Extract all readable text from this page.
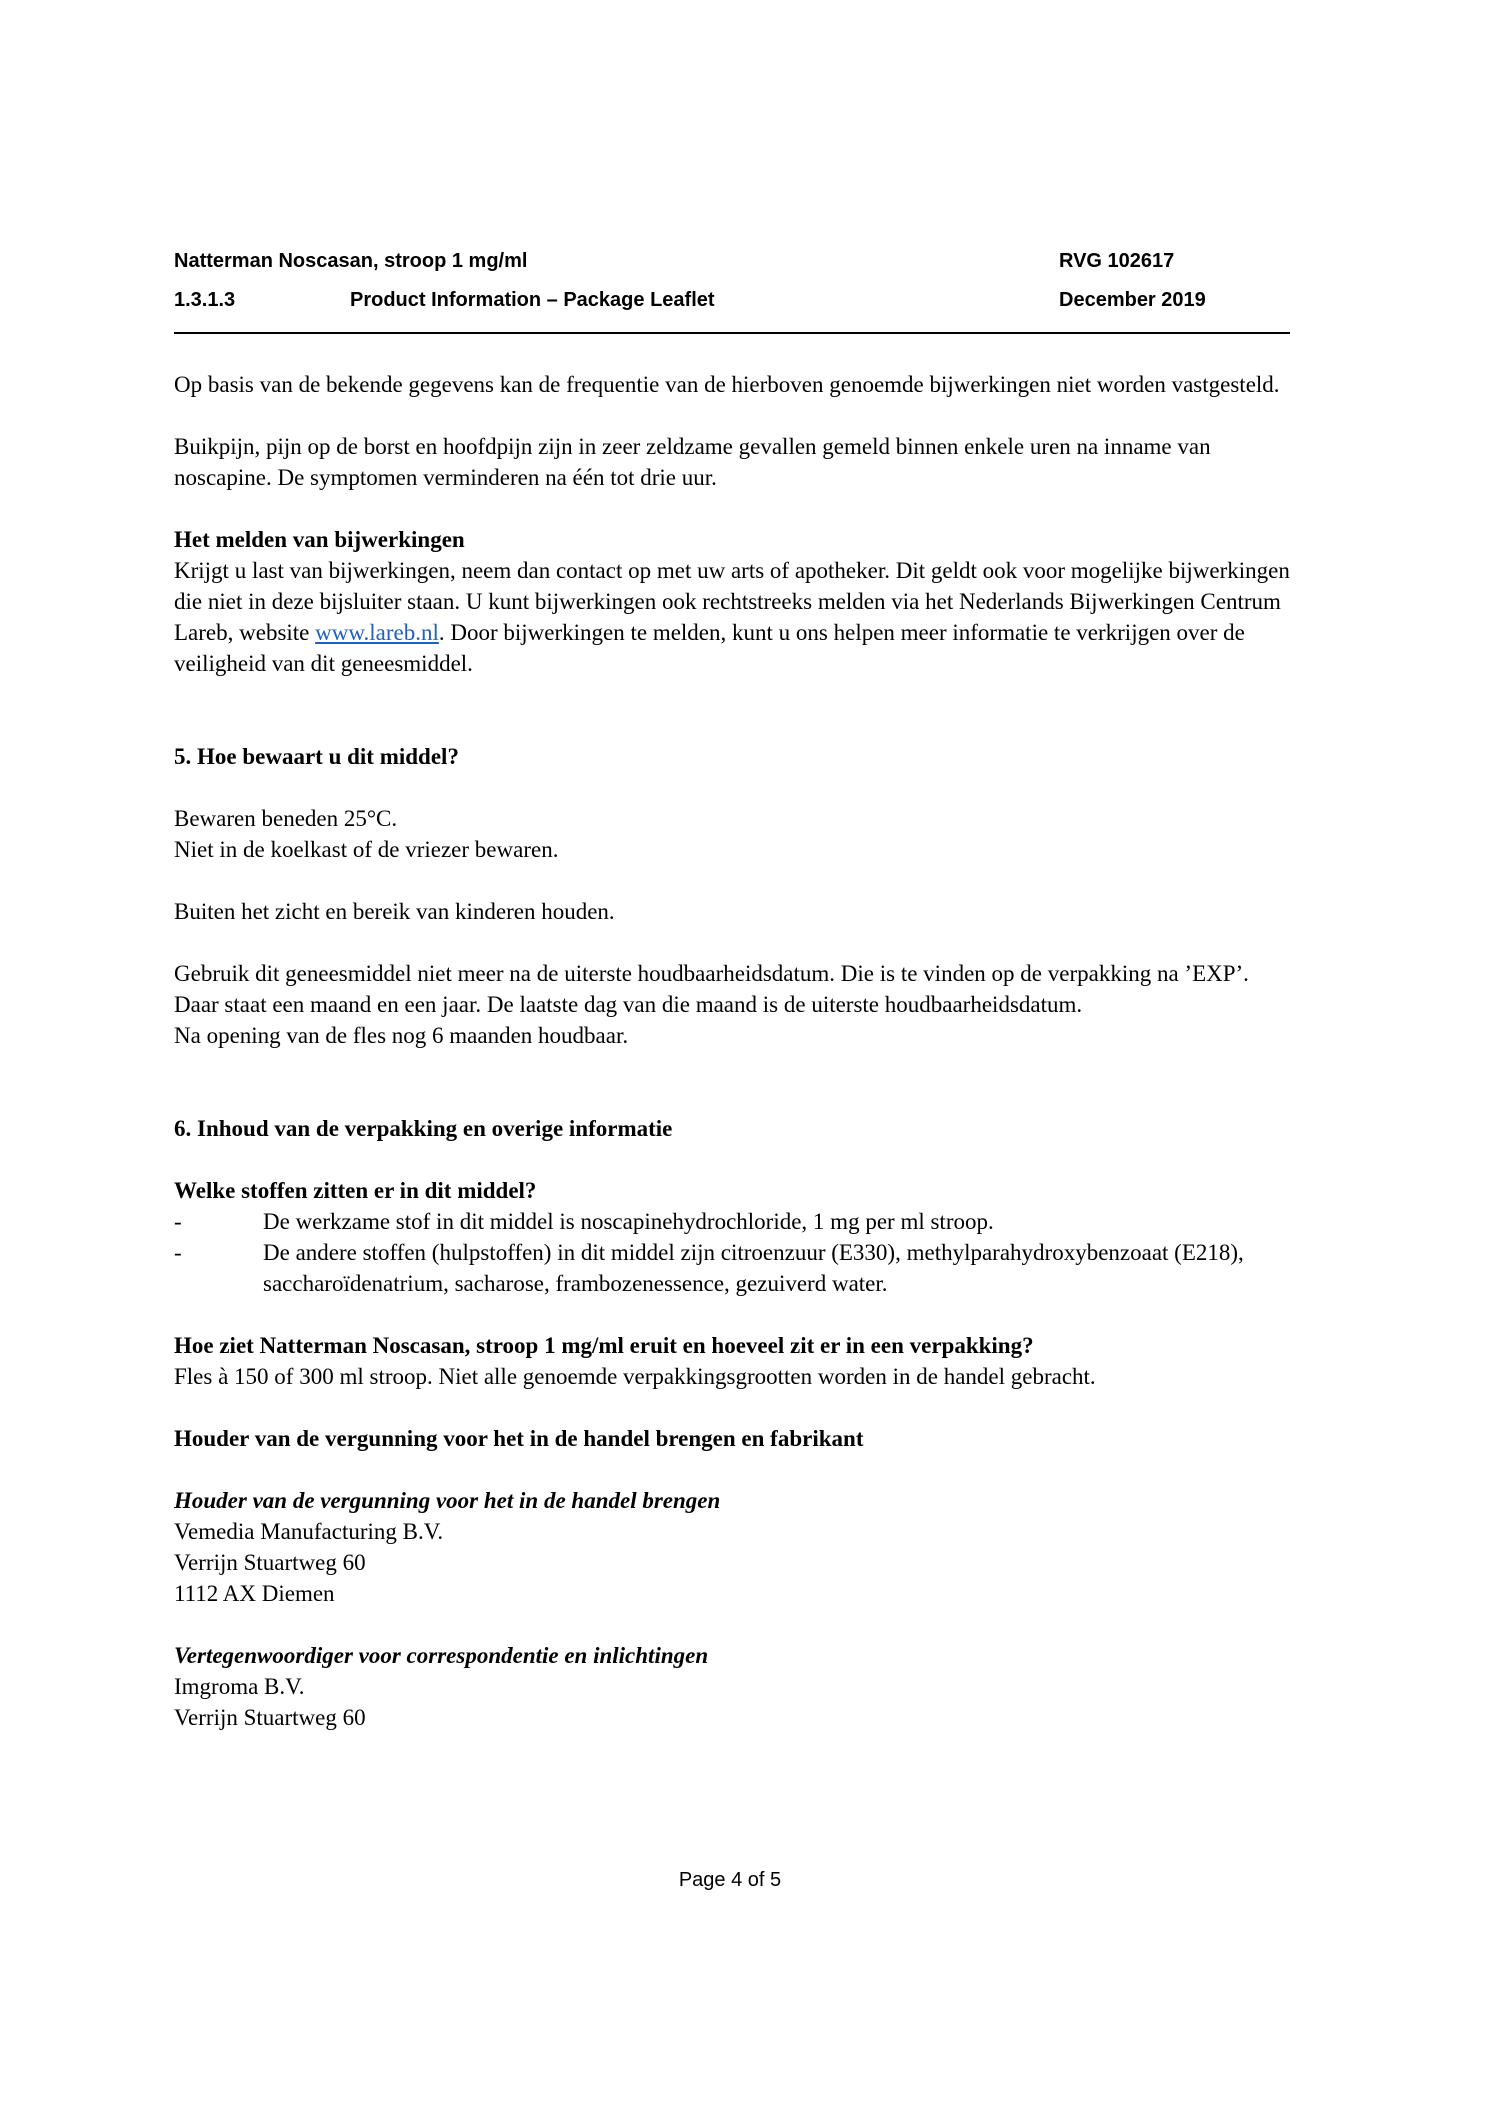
Natterman Noscasan, stroop 1 mg/ml	RVG 102617
1.3.1.3	Product Information – Package Leaflet	December 2019

Op basis van de bekende gegevens kan de frequentie van de hierboven genoemde bijwerkingen niet worden vastgesteld.

Buikpijn, pijn op de borst en hoofdpijn zijn in zeer zeldzame gevallen gemeld binnen enkele uren na inname van noscapine. De symptomen verminderen na één tot drie uur.

Het melden van bijwerkingen

Krijgt u last van bijwerkingen, neem dan contact op met uw arts of apotheker. Dit geldt ook voor mogelijke bijwerkingen die niet in deze bijsluiter staan. U kunt bijwerkingen ook rechtstreeks melden via het Nederlands Bijwerkingen Centrum Lareb, website www.lareb.nl. Door bijwerkingen te melden, kunt u ons helpen meer informatie te verkrijgen over de veiligheid van dit geneesmiddel.

5. Hoe bewaart u dit middel?

Bewaren beneden 25°C.

Niet in de koelkast of de vriezer bewaren.

Buiten het zicht en bereik van kinderen houden.

Gebruik dit geneesmiddel niet meer na de uiterste houdbaarheidsdatum. Die is te vinden op de verpakking na ’EXP’. Daar staat een maand en een jaar. De laatste dag van die maand is de uiterste houdbaarheidsdatum.

Na opening van de fles nog 6 maanden houdbaar.

6. Inhoud van de verpakking en overige informatie

Welke stoffen zitten er in dit middel?

-	De werkzame stof in dit middel is noscapinehydrochloride, 1 mg per ml stroop.
-	De andere stoffen (hulpstoffen) in dit middel zijn citroenzuur (E330), methylparahydroxybenzoaat (E218), saccharoïdenatrium, sacharose, frambozenessence, gezuiverd water.

Hoe ziet Natterman Noscasan, stroop 1 mg/ml eruit en hoeveel zit er in een verpakking?

Fles à 150 of 300 ml stroop. Niet alle genoemde verpakkingsgrootten worden in de handel gebracht.

Houder van de vergunning voor het in de handel brengen en fabrikant

Houder van de vergunning voor het in de handel brengen

Vemedia Manufacturing B.V.

Verrijn Stuartweg 60

1112 AX Diemen

Vertegenwoordiger voor correspondentie en inlichtingen

Imgroma B.V.

Verrijn Stuartweg 60

Page 4 of 5
